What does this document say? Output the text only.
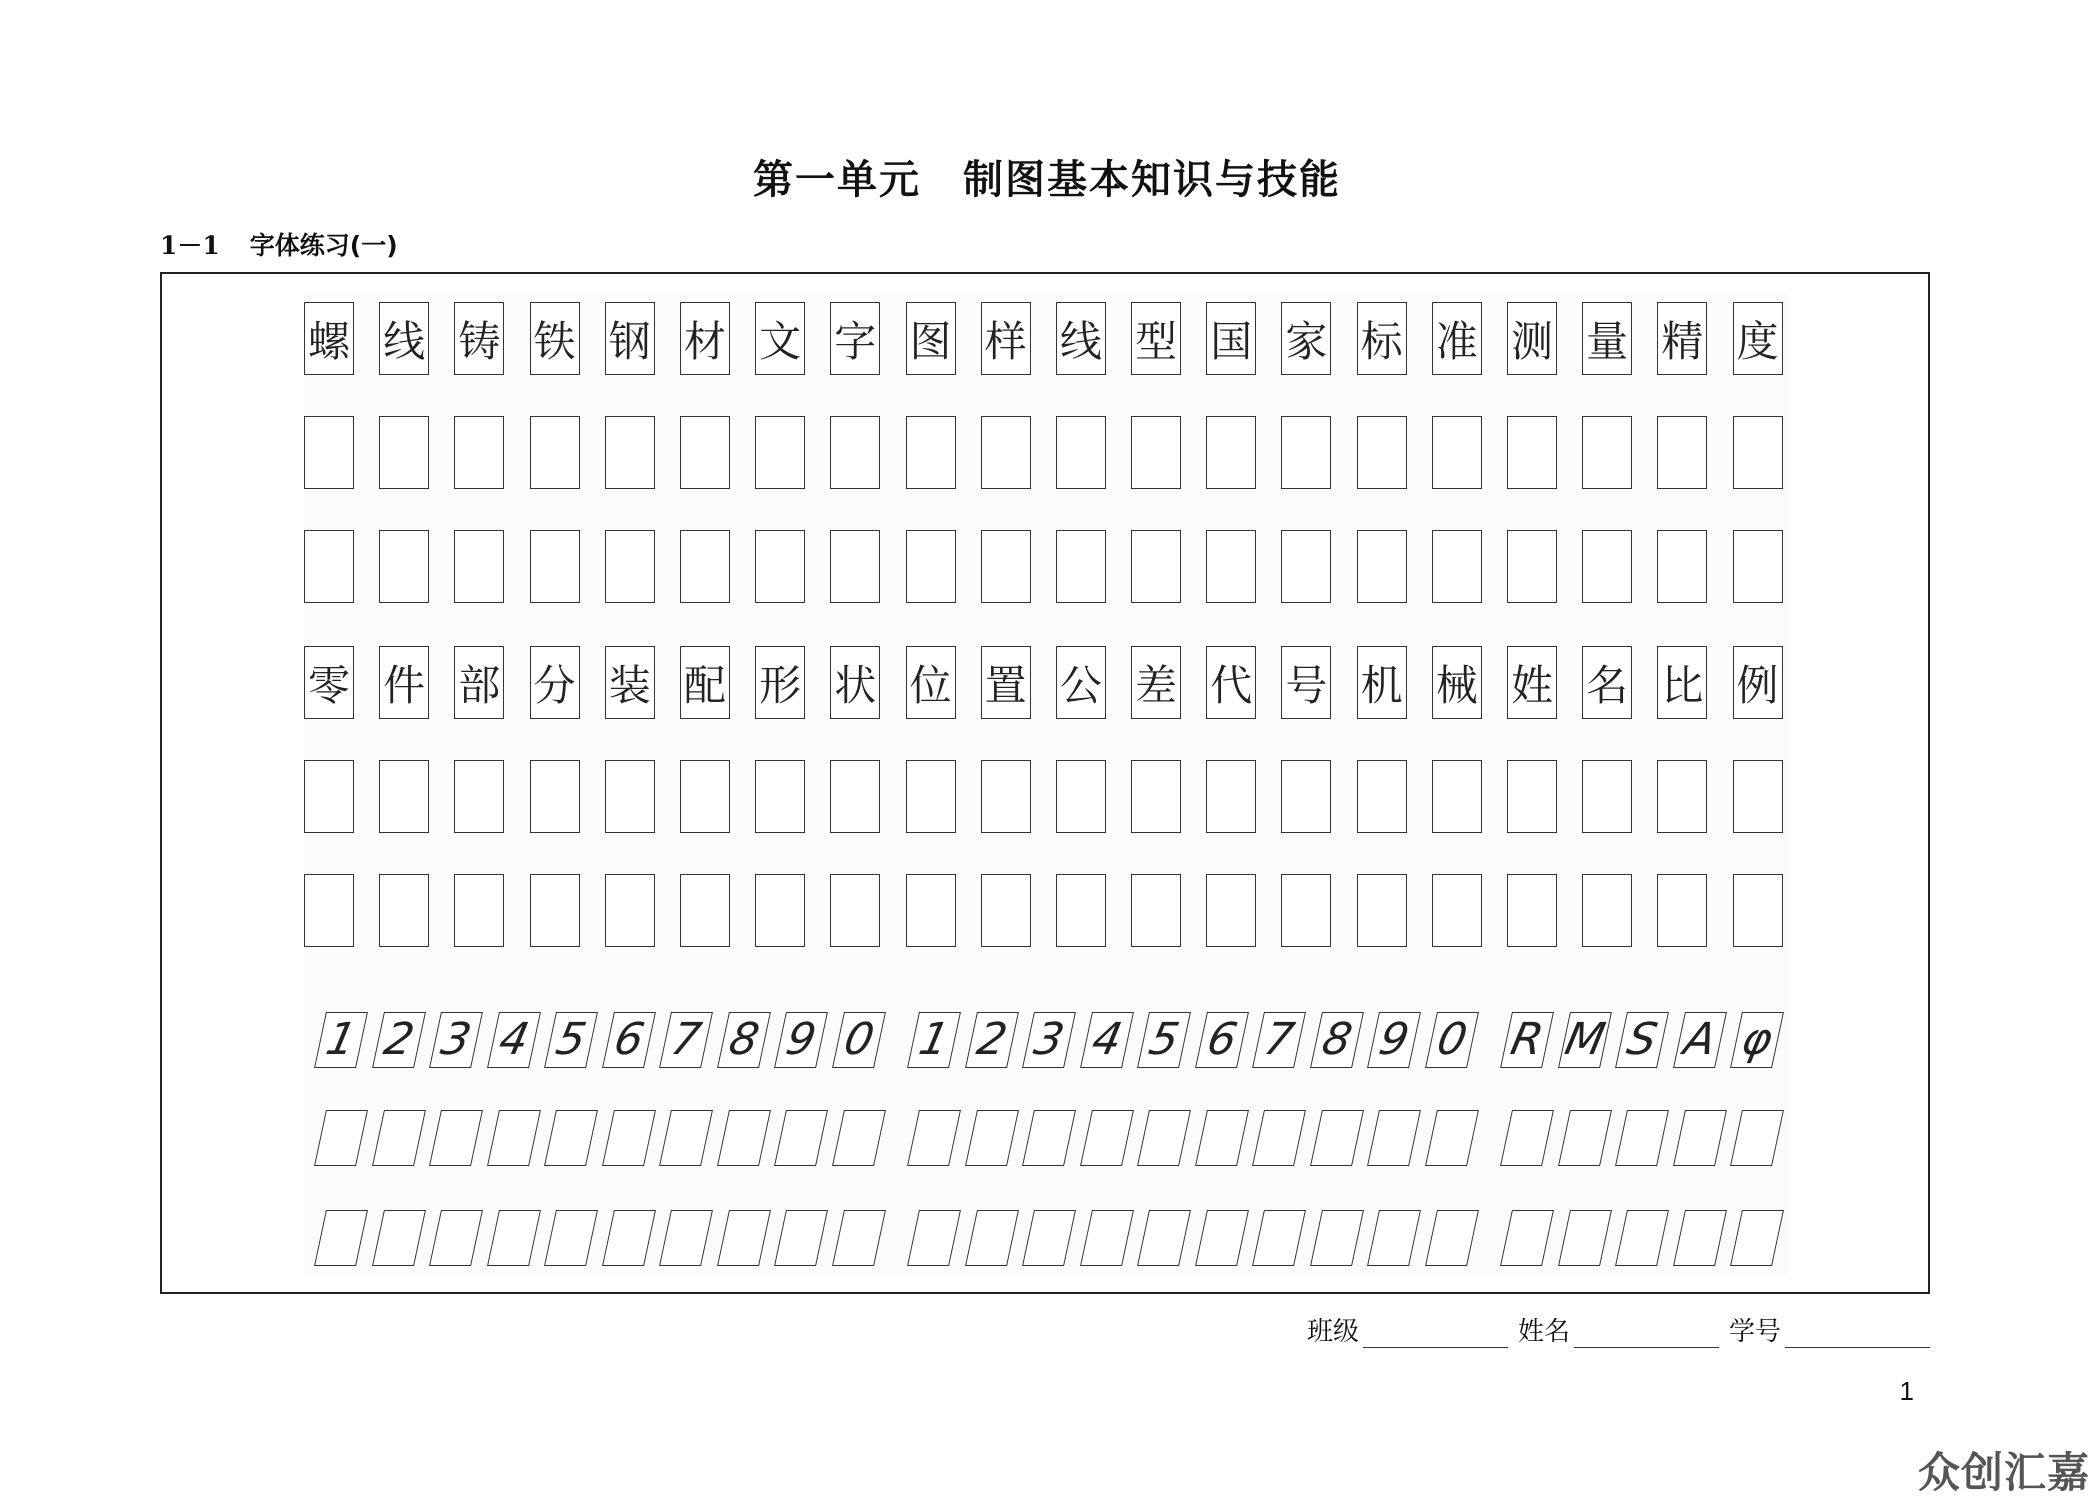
第一单元　制图基本知识与技能
1－1 字体练习(一)
螺 线 铸 铁 钢 材 文 字 图 样 线 型 国 家 标 准 测 量 精 度
零 件 部 分 装 配 形 状 位 置 公 差 代 号 机 械 姓 名 比 例
1 2 3 4 5 6 7 8 9 0 1 2 3 4 5 6 7 8 9 0 R M S A φ
班级	姓名	学号
1
众创汇嘉
